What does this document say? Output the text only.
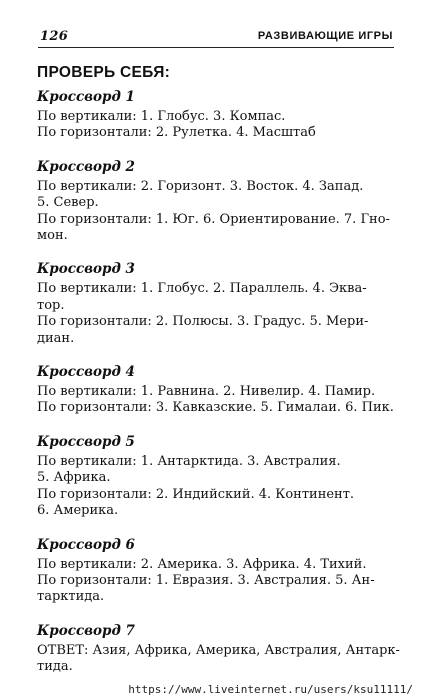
126	РАЗВИВАЮЩИЕ ИГРЫ
ПРОВЕРЬ СЕБЯ:
Кроссворд 1
По вертикали: 1. Глобус. 3. Компас.
По горизонтали: 2. Рулетка. 4. Масштаб
Кроссворд 2
По вертикали: 2. Горизонт. 3. Восток. 4. Запад.
5. Север.
По горизонтали: 1. Юг. 6. Ориентирование. 7. Гно-
мон.
Кроссворд 3
По вертикали: 1. Глобус. 2. Параллель. 4. Эква-
тор.
По горизонтали: 2. Полюсы. 3. Градус. 5. Мери-
диан.
Кроссворд 4
По вертикали: 1. Равнина. 2. Нивелир. 4. Памир.
По горизонтали: 3. Кавказские. 5. Гималаи. 6. Пик.
Кроссворд 5
По вертикали: 1. Антарктида. 3. Австралия.
5. Африка.
По горизонтали: 2. Индийский. 4. Континент.
6. Америка.
Кроссворд 6
По вертикали: 2. Америка. 3. Африка. 4. Тихий.
По горизонтали: 1. Евразия. 3. Австралия. 5. Ан-
тарктида.
Кроссворд 7
ОТВЕТ: Азия, Африка, Америка, Австралия, Антарк-
тида.
https://www.liveinternet.ru/users/ksu11111/
